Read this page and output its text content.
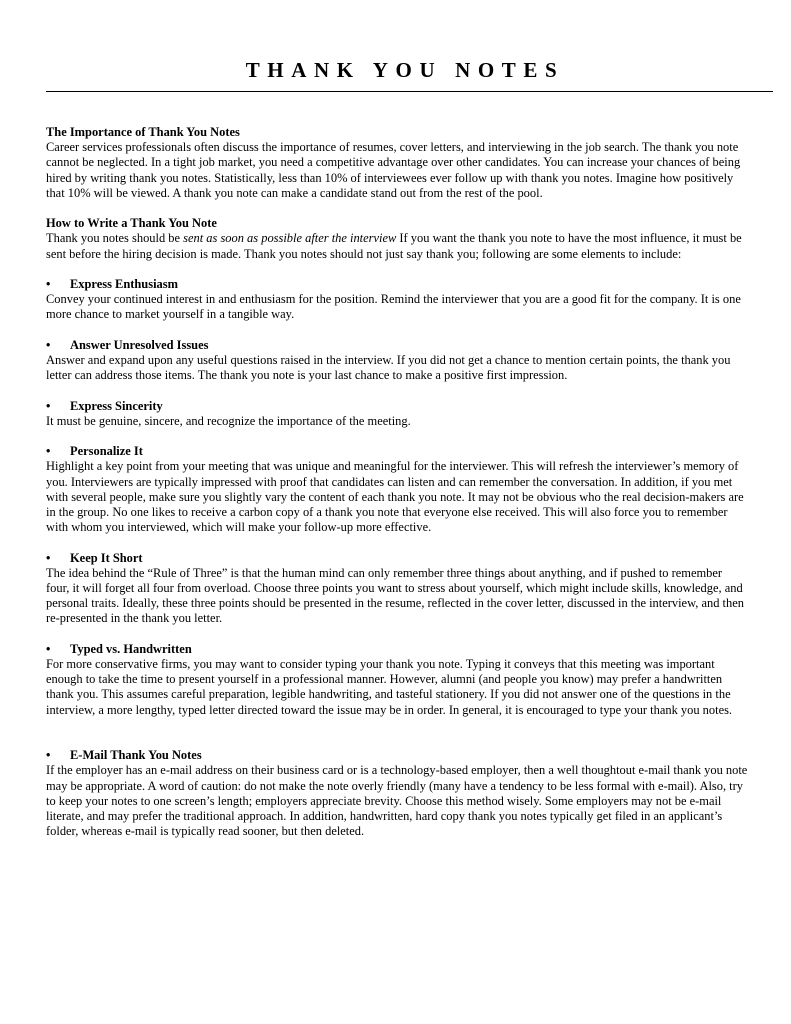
THANK YOU NOTES

The Importance of Thank You Notes

Career services professionals often discuss the importance of resumes, cover letters, and interviewing in the job search. The thank you note cannot be neglected. In a tight job market, you need a competitive advantage over other candidates. You can increase your chances of being hired by writing thank you notes. Statistically, less than 10% of interviewees ever follow up with thank you notes. Imagine how positively that 10% will be viewed. A thank you note can make a candidate stand out from the rest of the pool.

How to Write a Thank You Note

Thank you notes should be sent as soon as possible after the interview If you want the thank you note to have the most influence, it must be sent before the hiring decision is made. Thank you notes should not just say thank you; following are some elements to include:

• Express Enthusiasm

Convey your continued interest in and enthusiasm for the position. Remind the interviewer that you are a good fit for the company. It is one more chance to market yourself in a tangible way.

• Answer Unresolved Issues

Answer and expand upon any useful questions raised in the interview. If you did not get a chance to mention certain points, the thank you letter can address those items. The thank you note is your last chance to make a positive first impression.

• Express Sincerity

It must be genuine, sincere, and recognize the importance of the meeting.

• Personalize It

Highlight a key point from your meeting that was unique and meaningful for the interviewer. This will refresh the interviewer’s memory of you. Interviewers are typically impressed with proof that candidates can listen and can remember the conversation. In addition, if you met with several people, make sure you slightly vary the content of each thank you note. It may not be obvious who the real decision-makers are in the group. No one likes to receive a carbon copy of a thank you note that everyone else received. This will also force you to remember with whom you interviewed, which will make your follow-up more effective.

• Keep It Short

The idea behind the “Rule of Three” is that the human mind can only remember three things about anything, and if pushed to remember four, it will forget all four from overload. Choose three points you want to stress about yourself, which might include skills, knowledge, and personal traits. Ideally, these three points should be presented in the resume, reflected in the cover letter, discussed in the interview, and then re-presented in the thank you letter.

• Typed vs. Handwritten

For more conservative firms, you may want to consider typing your thank you note. Typing it conveys that this meeting was important enough to take the time to present yourself in a professional manner. However, alumni (and people you know) may prefer a handwritten thank you. This assumes careful preparation, legible handwriting, and tasteful stationery. If you did not answer one of the questions in the interview, a more lengthy, typed letter directed toward the issue may be in order. In general, it is encouraged to type your thank you notes.

• E-Mail Thank You Notes

If the employer has an e-mail address on their business card or is a technology-based employer, then a well thoughtout e-mail thank you note may be appropriate. A word of caution: do not make the note overly friendly (many have a tendency to be less formal with e-mail). Also, try to keep your notes to one screen’s length; employers appreciate brevity. Choose this method wisely. Some employers may not be e-mail literate, and may prefer the traditional approach. In addition, handwritten, hard copy thank you notes typically get filed in an applicant’s folder, whereas e-mail is typically read sooner, but then deleted.
